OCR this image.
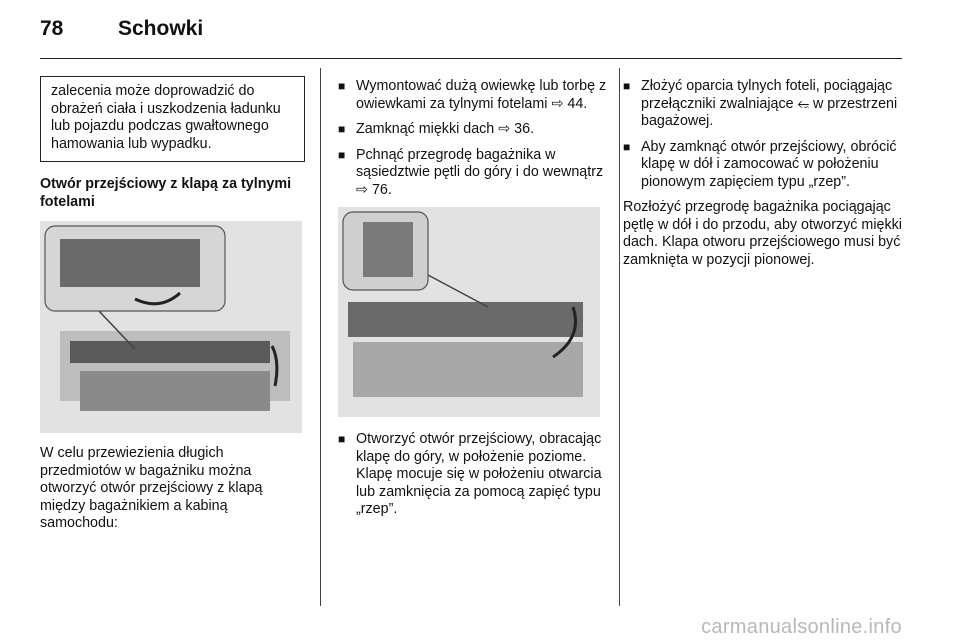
78	Schowki

zalecenia może doprowadzić do obrażeń ciała i uszkodzenia ładunku lub pojazdu podczas gwałtownego hamowania lub wypadku.

Otwór przejściowy z klapą za tylnymi fotelami

W celu przewiezienia długich przedmiotów w bagażniku można otworzyć otwór przejściowy z klapą między bagażnikiem a kabiną samochodu:

■ Wymontować dużą owiewkę lub torbę z owiewkami za tylnymi fotelami ⇨ 44.
■ Zamknąć miękki dach ⇨ 36.
■ Pchnąć przegrodę bagażnika w sąsiedztwie pętli do góry i do wewnątrz ⇨ 76.
■ Otworzyć otwór przejściowy, obracając klapę do góry, w położenie poziome. Klapę mocuje się w położeniu otwarcia lub zamknięcia za pomocą zapięć typu „rzep”.
■ Złożyć oparcia tylnych foteli, pociągając przełączniki zwalniające ⭋ w przestrzeni bagażowej.
■ Aby zamknąć otwór przejściowy, obrócić klapę w dół i zamocować w położeniu pionowym zapięciem typu „rzep”.

Rozłożyć przegrodę bagażnika pociągając pętlę w dół i do przodu, aby otworzyć miękki dach. Klapa otworu przejściowego musi być zamknięta w pozycji pionowej.

carmanualsonline.info
